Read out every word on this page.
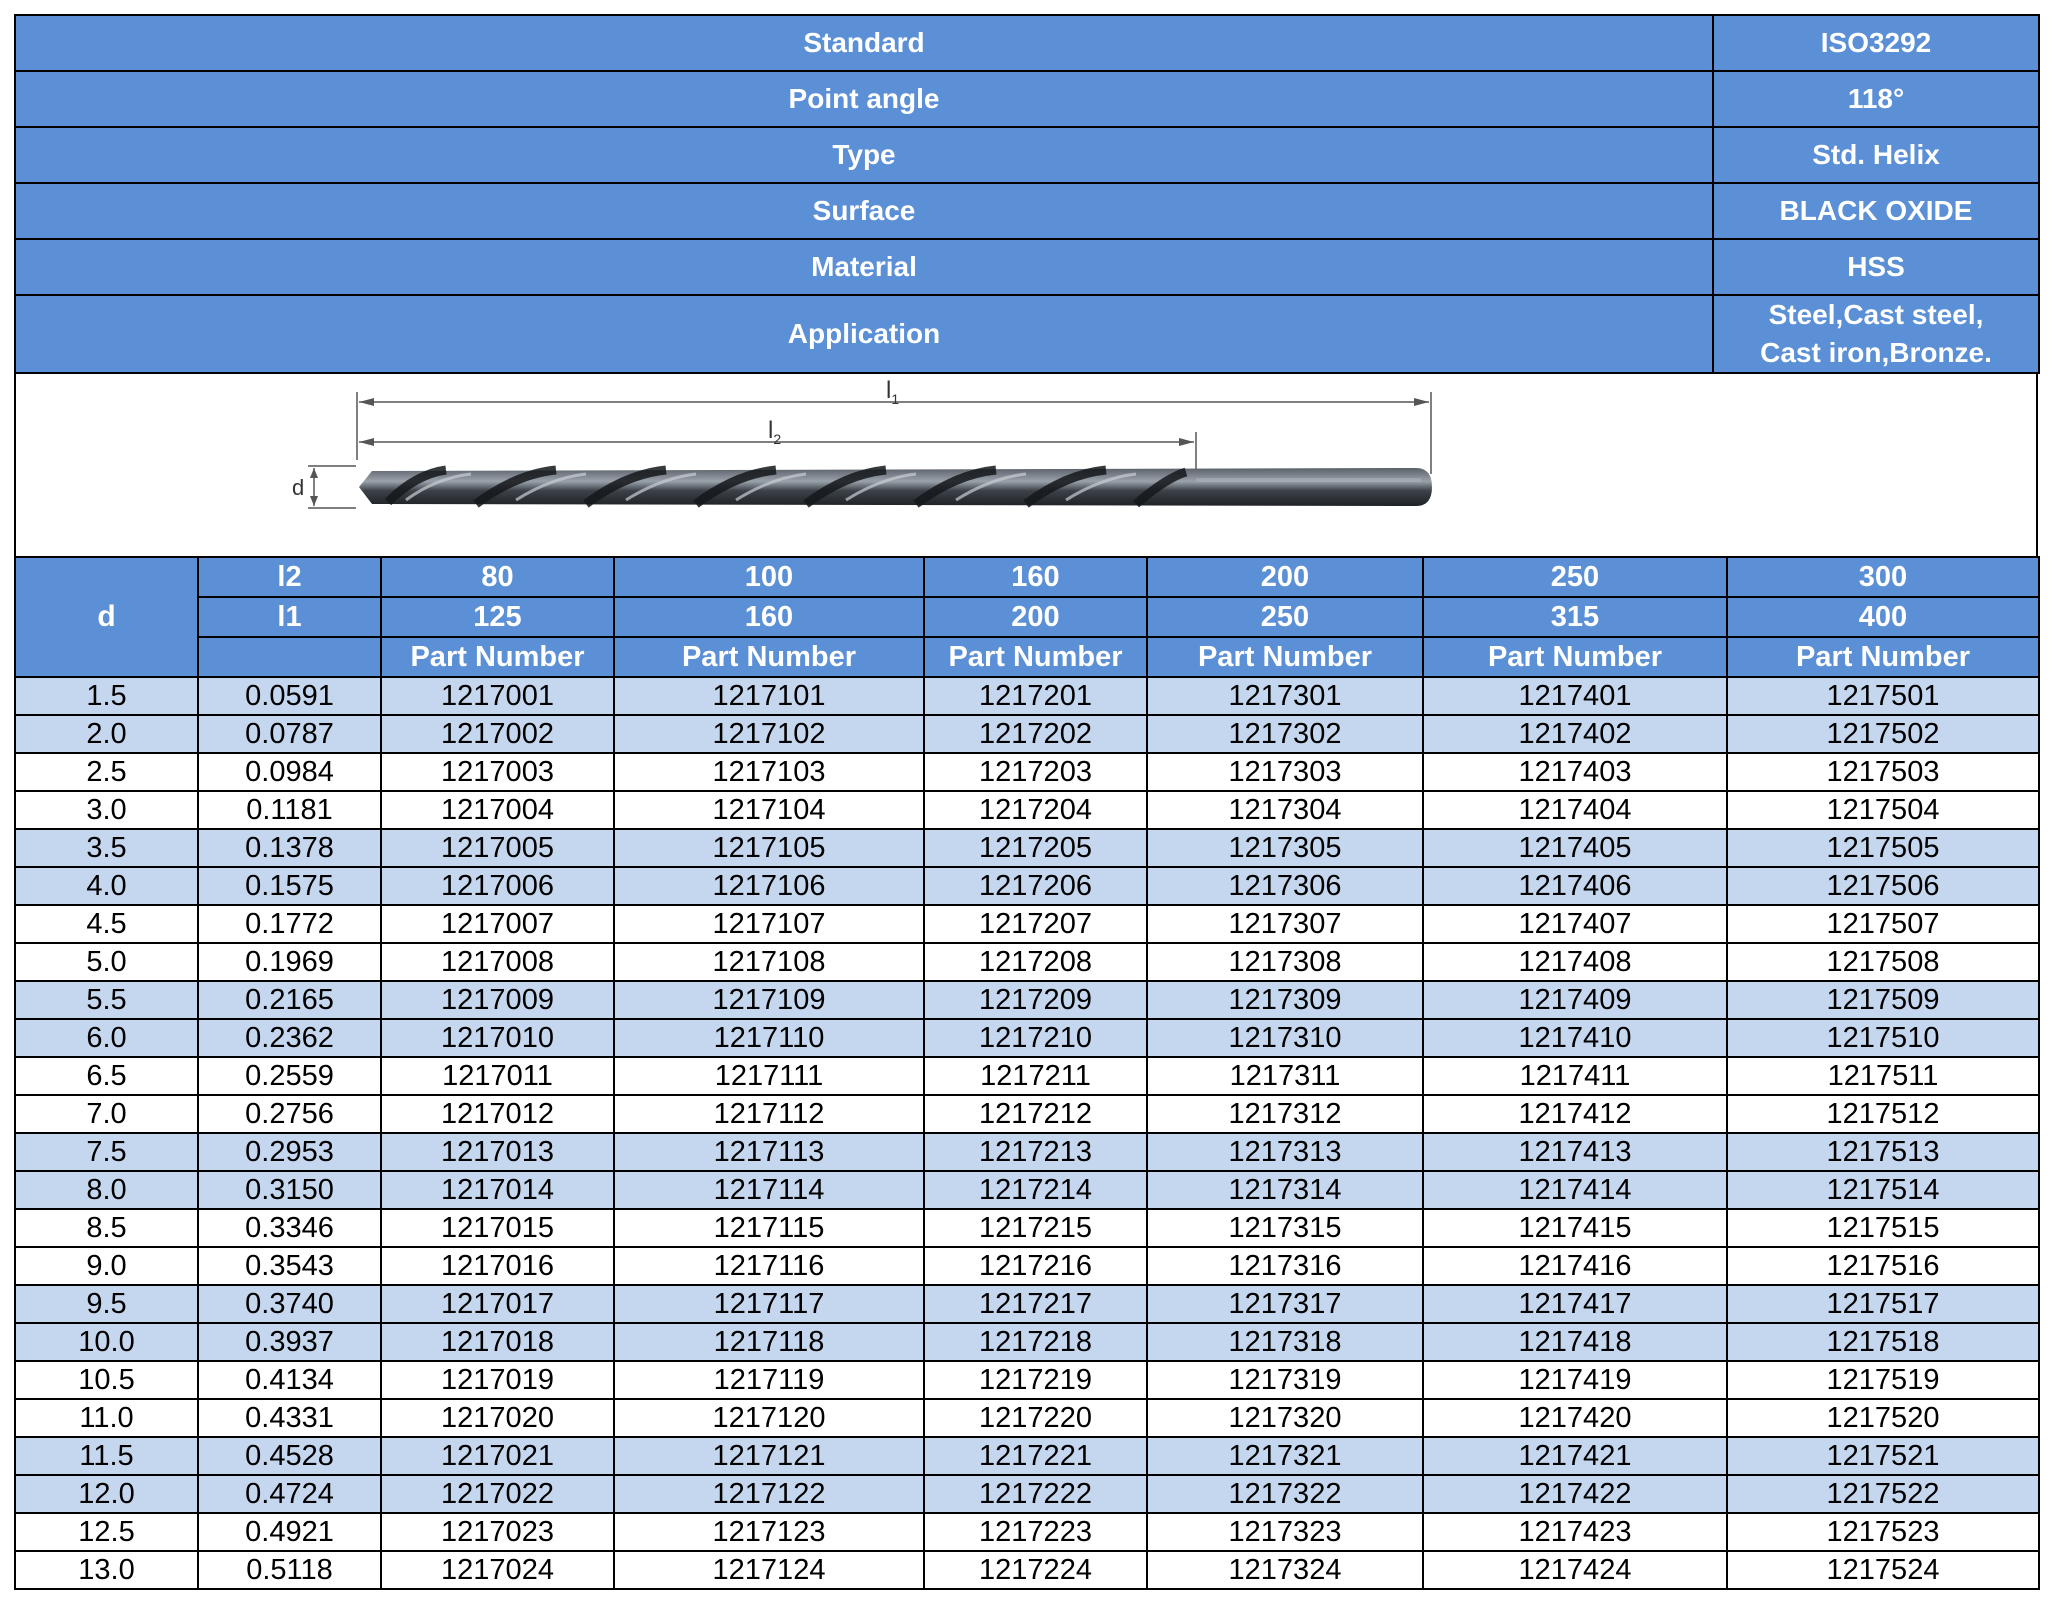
Standard	ISO3292
Point angle	118°
Type	Std. Helix
Surface	BLACK OXIDE
Material	HSS
Application	Steel,Cast steel,
Cast iron,Bronze.
$l_1$
$l_2$
d
d	l2	80	100	160	200	250	300
	l1	125	160	200	250	315	400
		Part Number	Part Number	Part Number	Part Number	Part Number	Part Number
1.5	0.0591	1217001	1217101	1217201	1217301	1217401	1217501
2.0	0.0787	1217002	1217102	1217202	1217302	1217402	1217502
2.5	0.0984	1217003	1217103	1217203	1217303	1217403	1217503
3.0	0.1181	1217004	1217104	1217204	1217304	1217404	1217504
3.5	0.1378	1217005	1217105	1217205	1217305	1217405	1217505
4.0	0.1575	1217006	1217106	1217206	1217306	1217406	1217506
4.5	0.1772	1217007	1217107	1217207	1217307	1217407	1217507
5.0	0.1969	1217008	1217108	1217208	1217308	1217408	1217508
5.5	0.2165	1217009	1217109	1217209	1217309	1217409	1217509
6.0	0.2362	1217010	1217110	1217210	1217310	1217410	1217510
6.5	0.2559	1217011	1217111	1217211	1217311	1217411	1217511
7.0	0.2756	1217012	1217112	1217212	1217312	1217412	1217512
7.5	0.2953	1217013	1217113	1217213	1217313	1217413	1217513
8.0	0.3150	1217014	1217114	1217214	1217314	1217414	1217514
8.5	0.3346	1217015	1217115	1217215	1217315	1217415	1217515
9.0	0.3543	1217016	1217116	1217216	1217316	1217416	1217516
9.5	0.3740	1217017	1217117	1217217	1217317	1217417	1217517
10.0	0.3937	1217018	1217118	1217218	1217318	1217418	1217518
10.5	0.4134	1217019	1217119	1217219	1217319	1217419	1217519
11.0	0.4331	1217020	1217120	1217220	1217320	1217420	1217520
11.5	0.4528	1217021	1217121	1217221	1217321	1217421	1217521
12.0	0.4724	1217022	1217122	1217222	1217322	1217422	1217522
12.5	0.4921	1217023	1217123	1217223	1217323	1217423	1217523
13.0	0.5118	1217024	1217124	1217224	1217324	1217424	1217524
